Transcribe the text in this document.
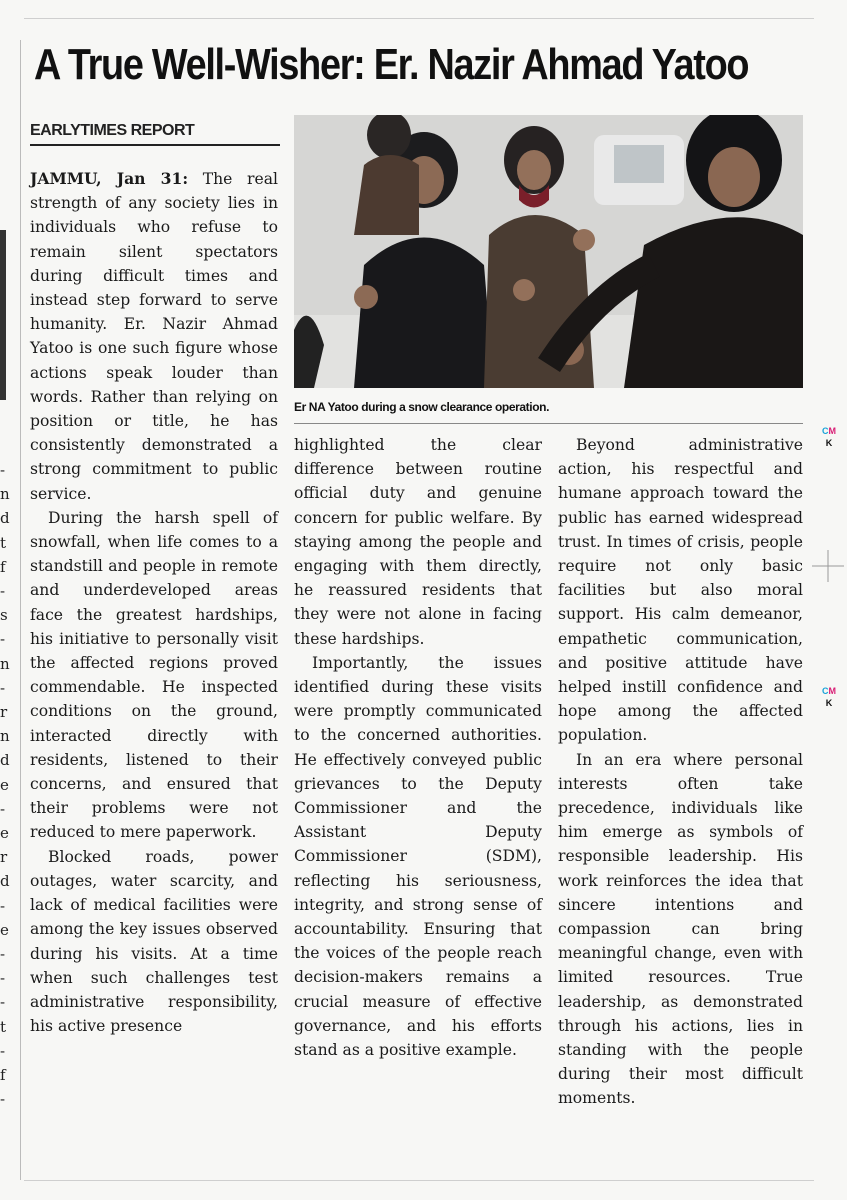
-
n
d
t
f
-
s
-
n
-
r
n
d
e
-
e
r
d
-
e
-
-
-
t
-
f
-
A True Well-Wisher: Er. Nazir Ahmad Yatoo
EARLYTIMES REPORT
Er NA Yatoo during a snow clearance operation.

JAMMU, Jan 31: The real strength of any society lies in individuals who refuse to remain silent spectators during difficult times and instead step forward to serve humanity. Er. Nazir Ahmad Yatoo is one such figure whose actions speak louder than words. Rather than relying on position or title, he has consistently demonstrated a strong commitment to public service.

During the harsh spell of snowfall, when life comes to a standstill and people in remote and underdeveloped areas face the greatest hardships, his initiative to personally visit the affected regions proved commendable. He inspected conditions on the ground, interacted directly with residents, listened to their concerns, and ensured that their problems were not reduced to mere paperwork.

Blocked roads, power outages, water scarcity, and lack of medical facilities were among the key issues observed during his visits. At a time when such challenges test administrative responsibility, his active presence

highlighted the clear difference between routine official duty and genuine concern for public welfare. By staying among the people and engaging with them directly, he reassured residents that they were not alone in facing these hardships.

Importantly, the issues identified during these visits were promptly communicated to the concerned authorities. He effectively conveyed public grievances to the Deputy Commissioner and the Assistant Deputy Commissioner (SDM), reflecting his seriousness, integrity, and strong sense of accountability. Ensuring that the voices of the people reach decision-makers remains a crucial measure of effective governance, and his efforts stand as a positive example.

Beyond administrative action, his respectful and humane approach toward the public has earned widespread trust. In times of crisis, people require not only basic facilities but also moral support. His calm demeanor, empathetic communication, and positive attitude have helped instill confidence and hope among the affected population.

In an era where personal interests often take precedence, individuals like him emerge as symbols of responsible leadership. His work reinforces the idea that sincere intentions and compassion can bring meaningful change, even with limited resources. True leadership, as demonstrated through his actions, lies in standing with the people during their most difficult moments.

CM
K
CM
K
